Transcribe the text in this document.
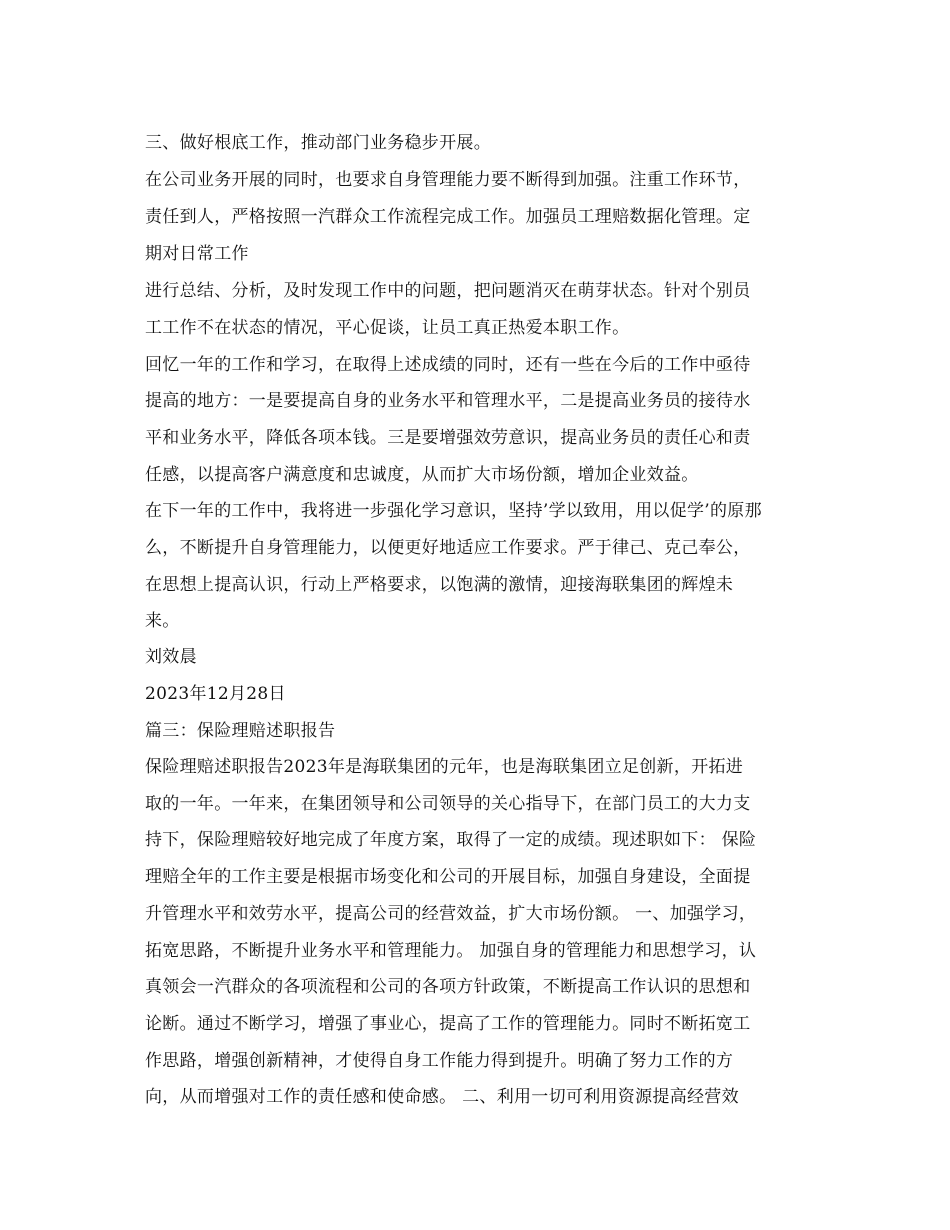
三、做好根底工作，推动部门业务稳步开展。
在公司业务开展的同时，也要求自身管理能力要不断得到加强。注重工作环节，
责任到人，严格按照一汽群众工作流程完成工作。加强员工理赔数据化管理。定
期对日常工作
进行总结、分析，及时发现工作中的问题，把问题消灭在萌芽状态。针对个别员
工工作不在状态的情况，平心促谈，让员工真正热爱本职工作。
回忆一年的工作和学习，在取得上述成绩的同时，还有一些在今后的工作中亟待
提高的地方：一是要提高自身的业务水平和管理水平，二是提高业务员的接待水
平和业务水平，降低各项本钱。三是要增强效劳意识，提高业务员的责任心和责
任感，以提高客户满意度和忠诚度，从而扩大市场份额，增加企业效益。
在下一年的工作中，我将进一步强化学习意识，坚持’学以致用，用以促学’的原那
么，不断提升自身管理能力，以便更好地适应工作要求。严于律己、克己奉公，
在思想上提高认识，行动上严格要求，以饱满的激情，迎接海联集团的辉煌未
来。
刘效晨
2023年12月28日
篇三：保险理赔述职报告
保险理赔述职报告2023年是海联集团的元年，也是海联集团立足创新，开拓进
取的一年。一年来，在集团领导和公司领导的关心指导下，在部门员工的大力支
持下，保险理赔较好地完成了年度方案，取得了一定的成绩。现述职如下： 保险
理赔全年的工作主要是根据市场变化和公司的开展目标，加强自身建设，全面提
升管理水平和效劳水平，提高公司的经营效益，扩大市场份额。 一、加强学习，
拓宽思路，不断提升业务水平和管理能力。 加强自身的管理能力和思想学习，认
真领会一汽群众的各项流程和公司的各项方针政策，不断提高工作认识的思想和
论断。通过不断学习，增强了事业心，提高了工作的管理能力。同时不断拓宽工
作思路，增强创新精神，才使得自身工作能力得到提升。明确了努力工作的方
向，从而增强对工作的责任感和使命感。 二、利用一切可利用资源提高经营效
